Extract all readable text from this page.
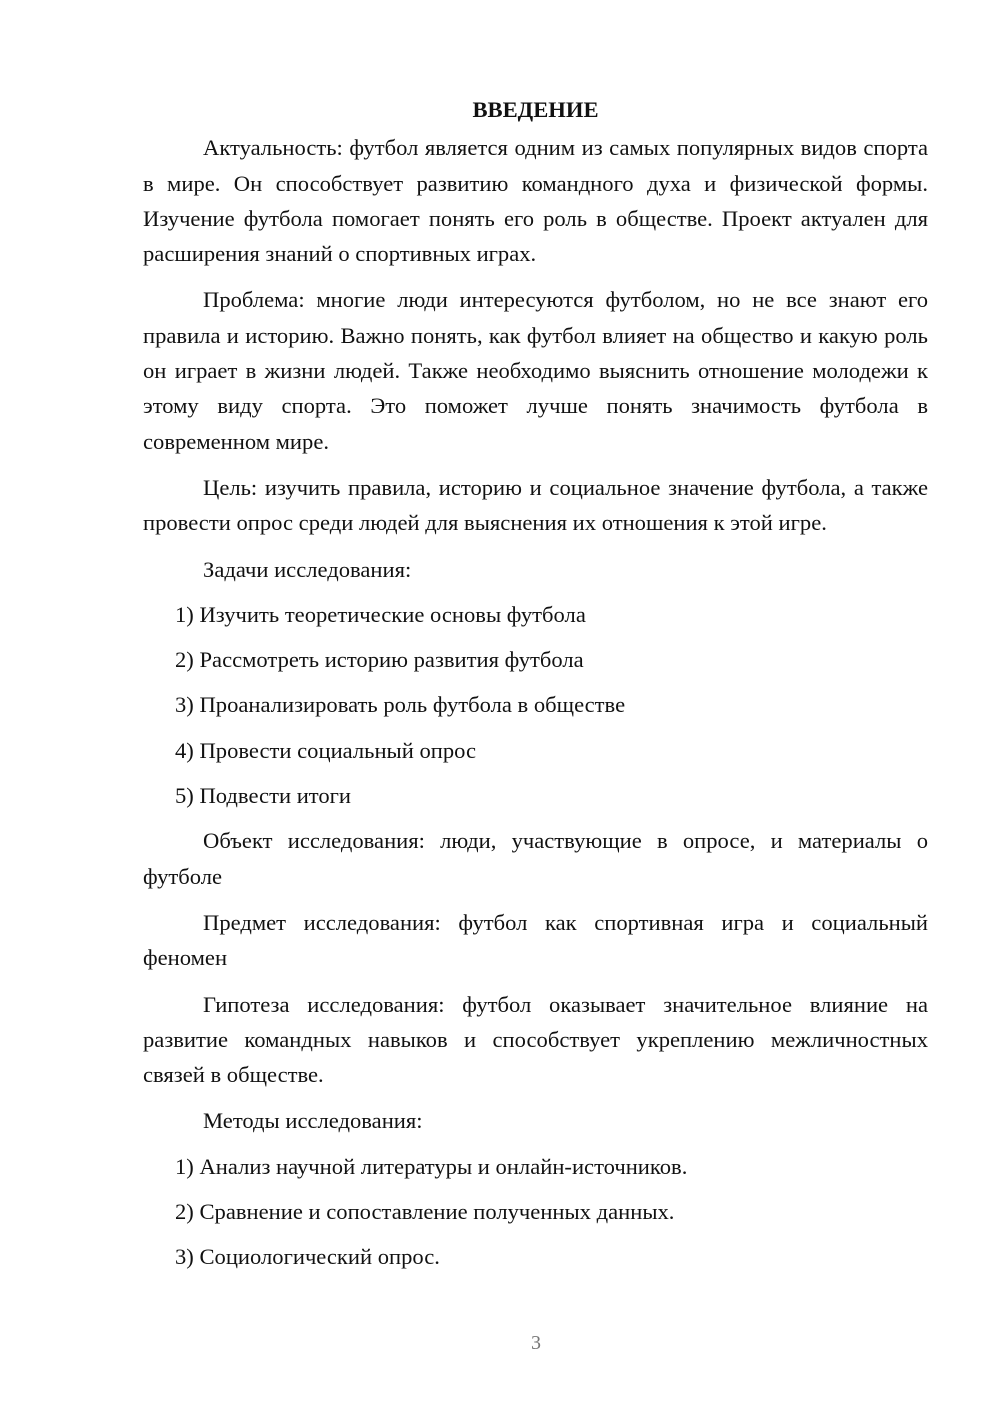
ВВЕДЕНИЕ

Актуальность: футбол является одним из самых популярных видов спорта в мире. Он способствует развитию командного духа и физической формы. Изучение футбола помогает понять его роль в обществе. Проект актуален для расширения знаний о спортивных играх.

Проблема: многие люди интересуются футболом, но не все знают его правила и историю. Важно понять, как футбол влияет на общество и какую роль он играет в жизни людей. Также необходимо выяснить отношение молодежи к этому виду спорта. Это поможет лучше понять значимость футбола в современном мире.

Цель: изучить правила, историю и социальное значение футбола, а также провести опрос среди людей для выяснения их отношения к этой игре.

Задачи исследования:

1) Изучить теоретические основы футбола
2) Рассмотреть историю развития футбола
3) Проанализировать роль футбола в обществе
4) Провести социальный опрос
5) Подвести итоги

Объект исследования: люди, участвующие в опросе, и материалы о футболе

Предмет исследования: футбол как спортивная игра и социальный феномен

Гипотеза исследования: футбол оказывает значительное влияние на развитие командных навыков и способствует укреплению межличностных связей в обществе.

Методы исследования:

1) Анализ научной литературы и онлайн-источников.
2) Сравнение и сопоставление полученных данных.
3) Социологический опрос.
3
